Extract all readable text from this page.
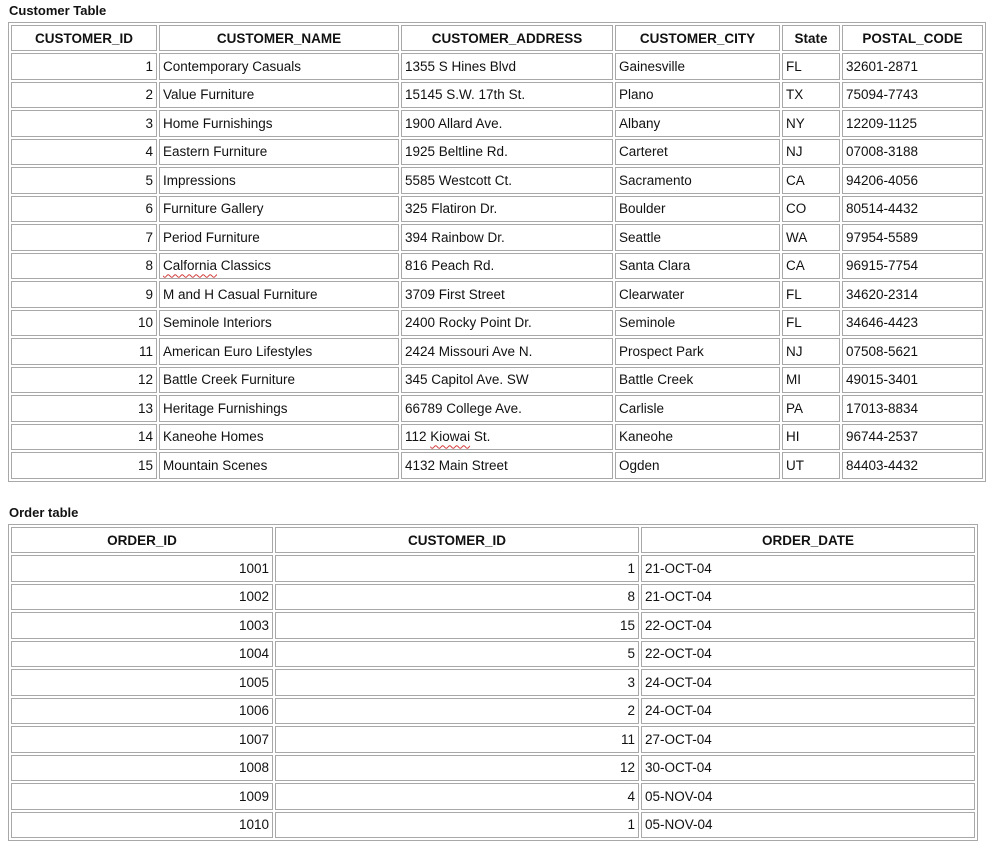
Customer Table
CUSTOMER_ID	CUSTOMER_NAME	CUSTOMER_ADDRESS	CUSTOMER_CITY	State	POSTAL_CODE
1	Contemporary Casuals	1355 S Hines Blvd	Gainesville	FL	32601-2871
2	Value Furniture	15145 S.W. 17th St.	Plano	TX	75094-7743
3	Home Furnishings	1900 Allard Ave.	Albany	NY	12209-1125
4	Eastern Furniture	1925 Beltline Rd.	Carteret	NJ	07008-3188
5	Impressions	5585 Westcott Ct.	Sacramento	CA	94206-4056
6	Furniture Gallery	325 Flatiron Dr.	Boulder	CO	80514-4432
7	Period Furniture	394 Rainbow Dr.	Seattle	WA	97954-5589
8	Calfornia Classics	816 Peach Rd.	Santa Clara	CA	96915-7754
9	M and H Casual Furniture	3709 First Street	Clearwater	FL	34620-2314
10	Seminole Interiors	2400 Rocky Point Dr.	Seminole	FL	34646-4423
11	American Euro Lifestyles	2424 Missouri Ave N.	Prospect Park	NJ	07508-5621
12	Battle Creek Furniture	345 Capitol Ave. SW	Battle Creek	MI	49015-3401
13	Heritage Furnishings	66789 College Ave.	Carlisle	PA	17013-8834
14	Kaneohe Homes	112 Kiowai St.	Kaneohe	HI	96744-2537
15	Mountain Scenes	4132 Main Street	Ogden	UT	84403-4432
Order table
ORDER_ID	CUSTOMER_ID	ORDER_DATE
1001	1	21-OCT-04
1002	8	21-OCT-04
1003	15	22-OCT-04
1004	5	22-OCT-04
1005	3	24-OCT-04
1006	2	24-OCT-04
1007	11	27-OCT-04
1008	12	30-OCT-04
1009	4	05-NOV-04
1010	1	05-NOV-04
